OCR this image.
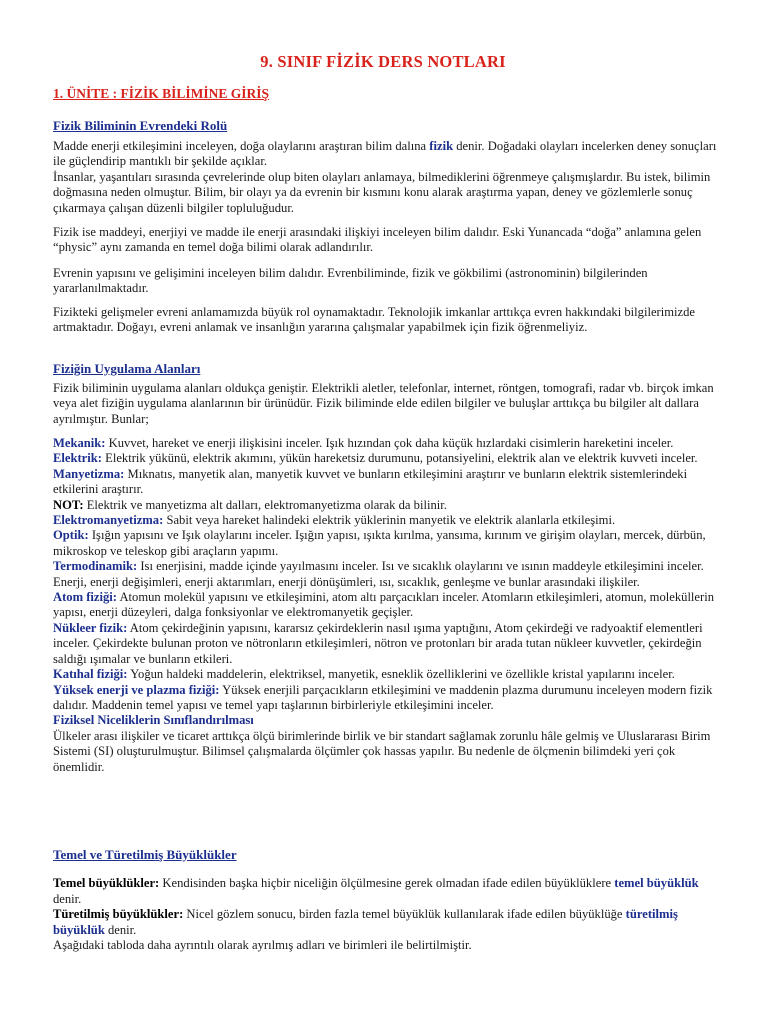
9. SINIF FİZİK DERS NOTLARI
1. ÜNİTE : FİZİK BİLİMİNE GİRİŞ
Fizik Biliminin Evrendeki Rolü

Madde enerji etkileşimini inceleyen, doğa olaylarını araştıran bilim dalına fizik denir. Doğadaki olayları incelerken deney sonuçları ile güçlendirip mantıklı bir şekilde açıklar.

İnsanlar, yaşantıları sırasında çevrelerinde olup biten olayları anlamaya, bilmediklerini öğrenmeye çalışmışlardır. Bu istek, bilimin doğmasına neden olmuştur. Bilim, bir olayı ya da evrenin bir kısmını konu alarak araştırma yapan, deney ve gözlemlerle sonuç çıkarmaya çalışan düzenli bilgiler topluluğudur.

Fizik ise maddeyi, enerjiyi ve madde ile enerji arasındaki ilişkiyi inceleyen bilim dalıdır. Eski Yunancada “doğa” anlamına gelen “physic” aynı zamanda en temel doğa bilimi olarak adlandırılır.
Evrenin yapısını ve gelişimini inceleyen bilim dalıdır. Evrenbiliminde, fizik ve gökbilimi (astronominin) bilgilerinden yararlanılmaktadır.
Fizikteki gelişmeler evreni anlamamızda büyük rol oynamaktadır. Teknolojik imkanlar arttıkça evren hakkındaki bilgilerimizde artmaktadır. Doğayı, evreni anlamak ve insanlığın yararına çalışmalar yapabilmek için fizik öğrenmeliyiz.
Fiziğin Uygulama Alanları
Fizik biliminin uygulama alanları oldukça geniştir. Elektrikli aletler, telefonlar, internet, röntgen, tomografi, radar vb. birçok imkan veya alet fiziğin uygulama alanlarının bir ürünüdür. Fizik biliminde elde edilen bilgiler ve buluşlar arttıkça bu bilgiler alt dallara ayrılmıştır. Bunlar;

Mekanik: Kuvvet, hareket ve enerji ilişkisini inceler. Işık hızından çok daha küçük hızlardaki cisimlerin hareketini inceler.

Elektrik: Elektrik yükünü, elektrik akımını, yükün hareketsiz durumunu, potansiyelini, elektrik alan ve elektrik kuvveti inceler.

Manyetizma: Mıknatıs, manyetik alan, manyetik kuvvet ve bunların etkileşimini araştırır ve bunların elektrik sistemlerindeki etkilerini araştırır.

NOT: Elektrik ve manyetizma alt dalları, elektromanyetizma olarak da bilinir.

Elektromanyetizma: Sabit veya hareket halindeki elektrik yüklerinin manyetik ve elektrik alanlarla etkileşimi.

Optik: Işığın yapısını ve Işık olaylarını inceler. Işığın yapısı, ışıkta kırılma, yansıma, kırınım ve girişim olayları, mercek, dürbün, mikroskop ve teleskop gibi araçların yapımı.

Termodinamik: Isı enerjisini, madde içinde yayılmasını inceler. Isı ve sıcaklık olaylarını ve ısının maddeyle etkileşimini inceler. Enerji, enerji değişimleri, enerji aktarımları, enerji dönüşümleri, ısı, sıcaklık, genleşme ve bunlar arasındaki ilişkiler.

Atom fiziği: Atomun molekül yapısını ve etkileşimini, atom altı parçacıkları inceler. Atomların etkileşimleri, atomun, moleküllerin yapısı, enerji düzeyleri, dalga fonksiyonlar ve elektromanyetik geçişler.

Nükleer fizik: Atom çekirdeğinin yapısını, kararsız çekirdeklerin nasıl ışıma yaptığını, Atom çekirdeği ve radyoaktif elementleri inceler. Çekirdekte bulunan proton ve nötronların etkileşimleri, nötron ve protonları bir arada tutan nükleer kuvvetler, çekirdeğin saldığı ışımalar ve bunların etkileri.

Katıhal fiziği: Yoğun haldeki maddelerin, elektriksel, manyetik, esneklik özelliklerini ve özellikle kristal yapılarını inceler.

Yüksek enerji ve plazma fiziği: Yüksek enerjili parçacıkların etkileşimini ve maddenin plazma durumunu inceleyen modern fizik dalıdır. Maddenin temel yapısı ve temel yapı taşlarının birbirleriyle etkileşimini inceler.

Fiziksel Niceliklerin Sınıflandırılması

Ülkeler arası ilişkiler ve ticaret arttıkça ölçü birimlerinde birlik ve bir standart sağlamak zorunlu hâle gelmiş ve Uluslararası Birim Sistemi (SI) oluşturulmuştur. Bilimsel çalışmalarda ölçümler çok hassas yapılır. Bu nedenle de ölçmenin bilimdeki yeri çok önemlidir.

Temel ve Türetilmiş Büyüklükler

Temel büyüklükler: Kendisinden başka hiçbir niceliğin ölçülmesine gerek olmadan ifade edilen büyüklüklere temel büyüklük denir.

Türetilmiş büyüklükler: Nicel gözlem sonucu, birden fazla temel büyüklük kullanılarak ifade edilen büyüklüğe türetilmiş büyüklük denir.

Aşağıdaki tabloda daha ayrıntılı olarak ayrılmış adları ve birimleri ile belirtilmiştir.
